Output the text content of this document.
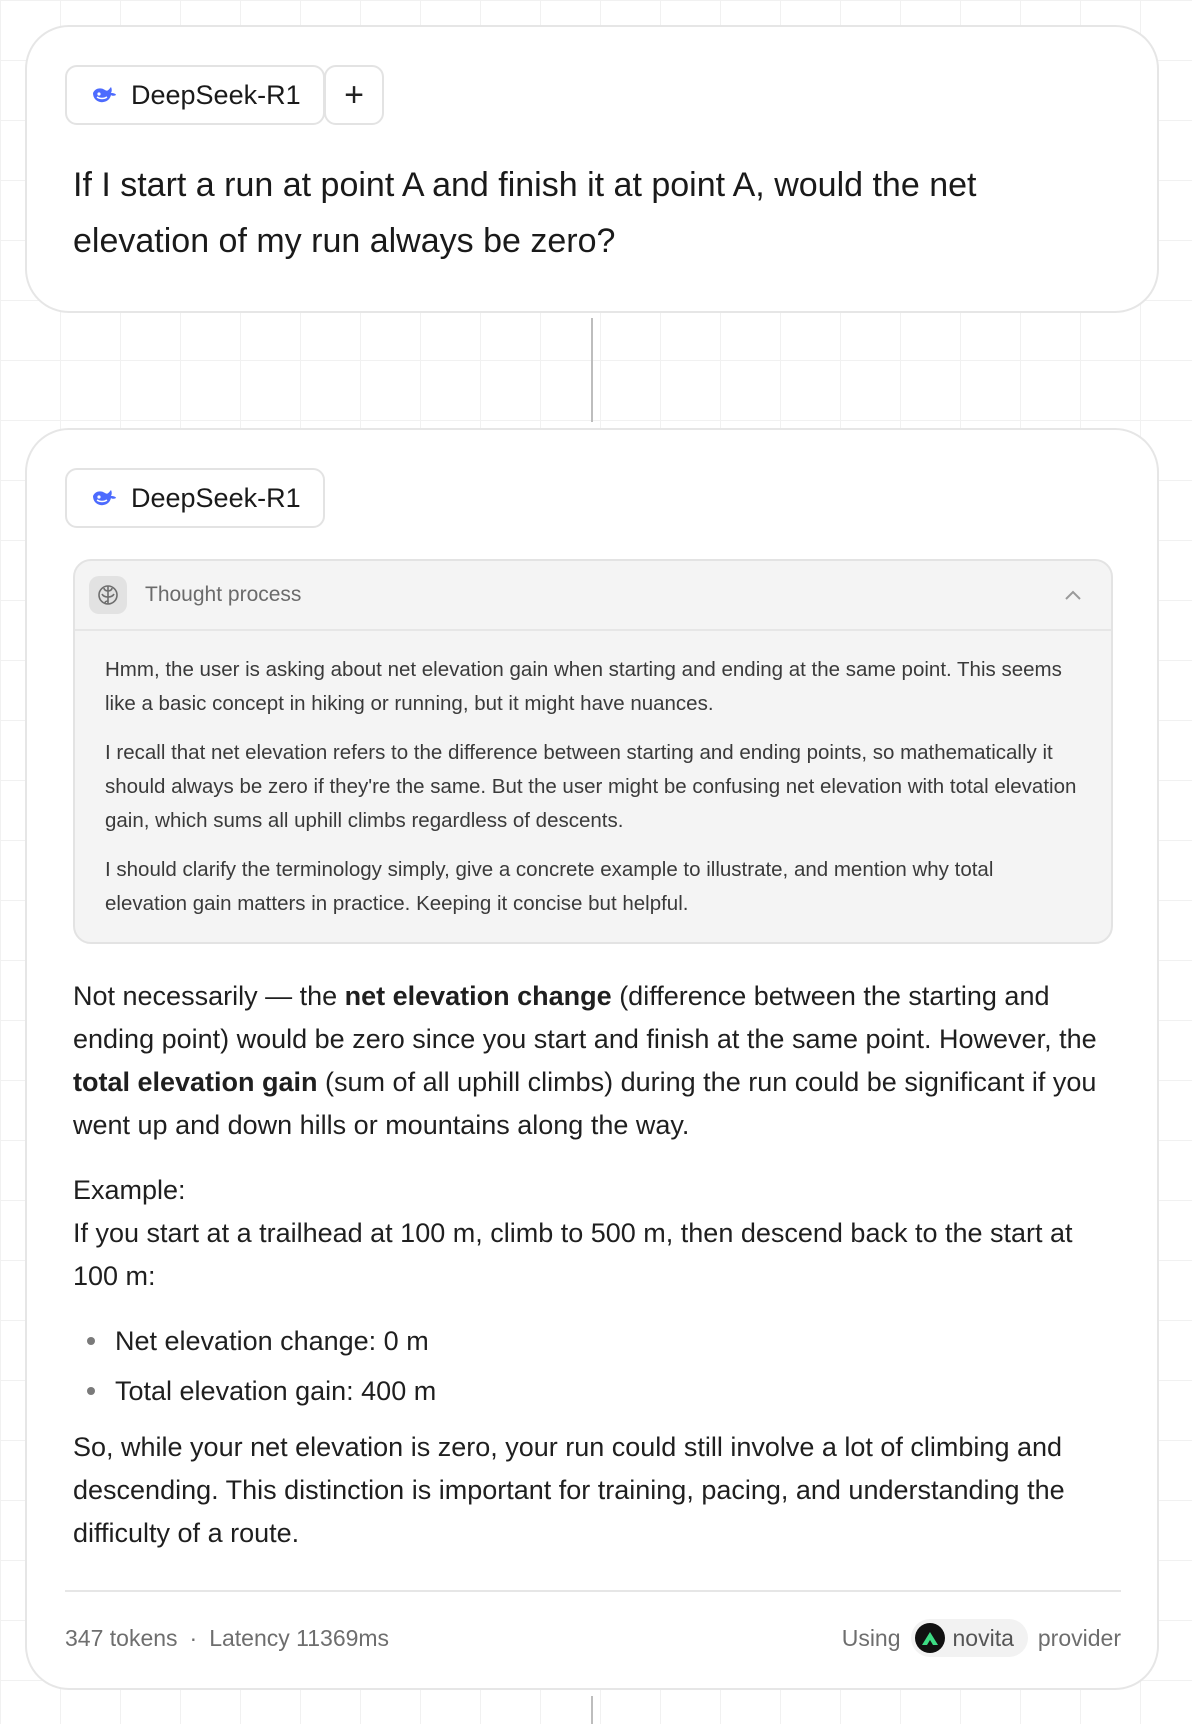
DeepSeek-R1 +
If I start a run at point A and finish it at point A, would the net elevation of my run always be zero?
DeepSeek-R1
Thought process

Hmm, the user is asking about net elevation gain when starting and ending at the same point. This seems like a basic concept in hiking or running, but it might have nuances.

I recall that net elevation refers to the difference between starting and ending points, so mathematically it should always be zero if they're the same. But the user might be confusing net elevation with total elevation gain, which sums all uphill climbs regardless of descents.

I should clarify the terminology simply, give a concrete example to illustrate, and mention why total elevation gain matters in practice. Keeping it concise but helpful.

Not necessarily — the net elevation change (difference between the starting and ending point) would be zero since you start and finish at the same point. However, the total elevation gain (sum of all uphill climbs) during the run could be significant if you went up and down hills or mountains along the way.

Example:
If you start at a trailhead at 100 m, climb to 500 m, then descend back to the start at 100 m:

Net elevation change: 0 m
Total elevation gain: 400 m

So, while your net elevation is zero, your run could still involve a lot of climbing and descending. This distinction is important for training, pacing, and understanding the difficulty of a route.

347 tokens · Latency 11369ms	Using novita provider
